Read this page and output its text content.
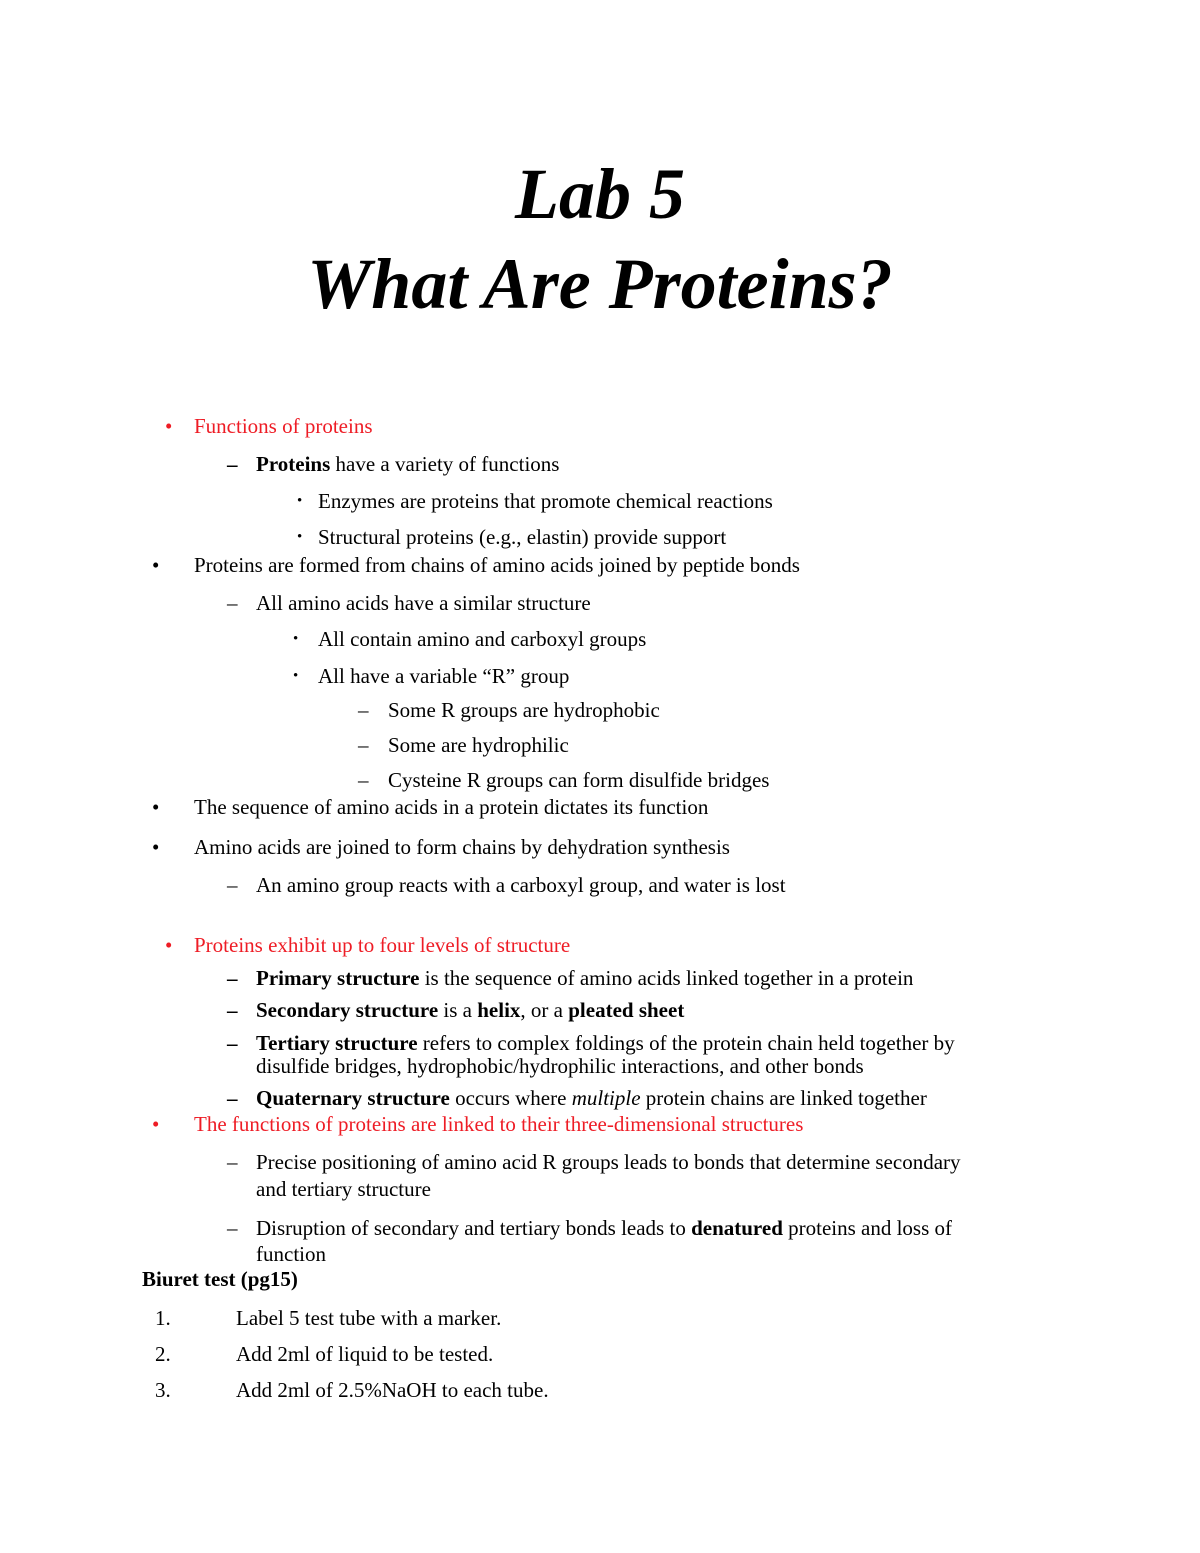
Lab 5
What Are Proteins?
• Functions of proteins
– Proteins have a variety of functions
• Enzymes are proteins that promote chemical reactions
• Structural proteins (e.g., elastin) provide support
• Proteins are formed from chains of amino acids joined by peptide bonds
– All amino acids have a similar structure
• All contain amino and carboxyl groups
• All have a variable “R” group
– Some R groups are hydrophobic
– Some are hydrophilic
– Cysteine R groups can form disulfide bridges
• The sequence of amino acids in a protein dictates its function
• Amino acids are joined to form chains by dehydration synthesis
– An amino group reacts with a carboxyl group, and water is lost
• Proteins exhibit up to four levels of structure
– Primary structure is the sequence of amino acids linked together in a protein
– Secondary structure is a helix, or a pleated sheet
– Tertiary structure refers to complex foldings of the protein chain held together by
disulfide bridges, hydrophobic/hydrophilic interactions, and other bonds
– Quaternary structure occurs where multiple protein chains are linked together
• The functions of proteins are linked to their three-dimensional structures
– Precise positioning of amino acid R groups leads to bonds that determine secondary
and tertiary structure
– Disruption of secondary and tertiary bonds leads to denatured proteins and loss of
function
Biuret test (pg15)
1.	Label 5 test tube with a marker.
2.	Add 2ml of liquid to be tested.
3.	Add 2ml of 2.5%NaOH to each tube.
